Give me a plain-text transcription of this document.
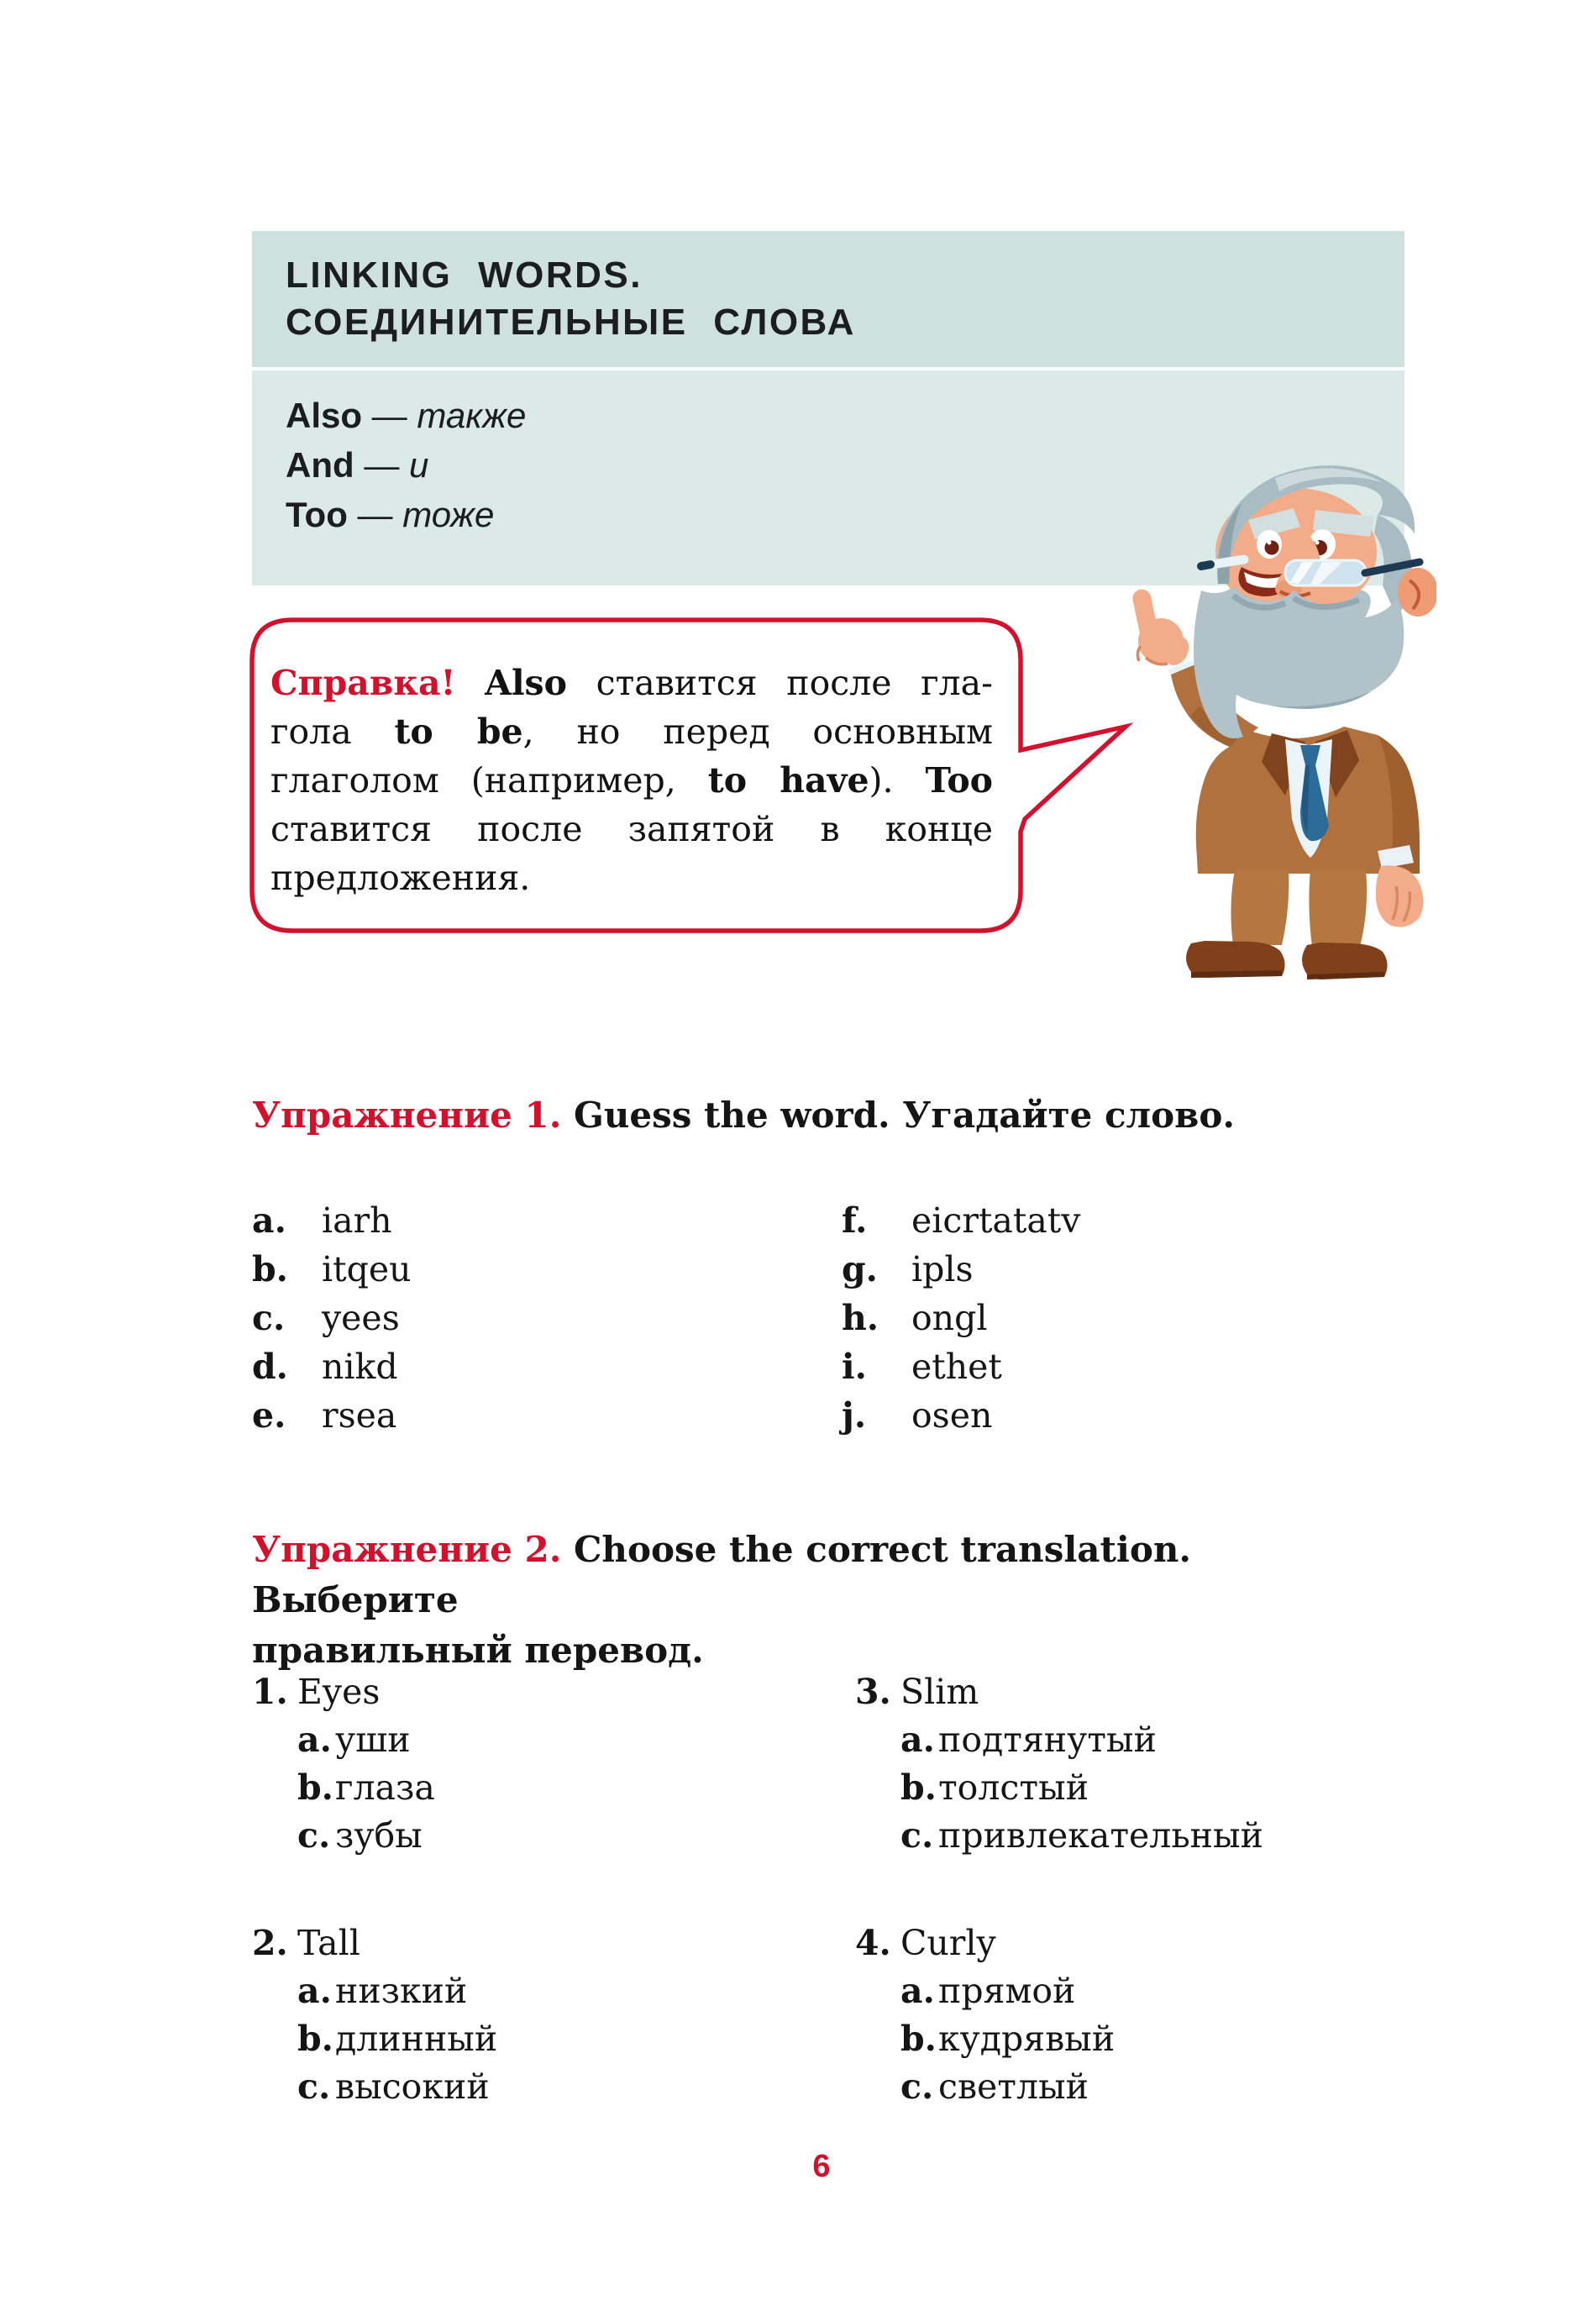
LINKING WORDS.
СОЕДИНИТЕЛЬНЫЕ СЛОВА
Also — также
And — и
Too — тоже
Справка! Also ставится после гла-
гола to be, но перед основным
глаголом (например, to have). Too
ставится после запятой в конце
предложения.
Упражнение 1. Guess the word. Угадайте слово.
a.	iarh
b. itqeu
c.	yees
d. nikd
e.	rsea
f.	eicrtatatv
g. ipls
h. ongl
i.	ethet
j.	osen
Упражнение 2. Choose the correct translation. Выберите
правильный перевод.
1. Eyes
a. уши
b. глаза
c. зубы
2. Tall
a. низкий
b. длинный
c. высокий
3. Slim
a. подтянутый
b. толстый
c. привлекательный
4. Curly
a. прямой
b. кудрявый
c. светлый
6
